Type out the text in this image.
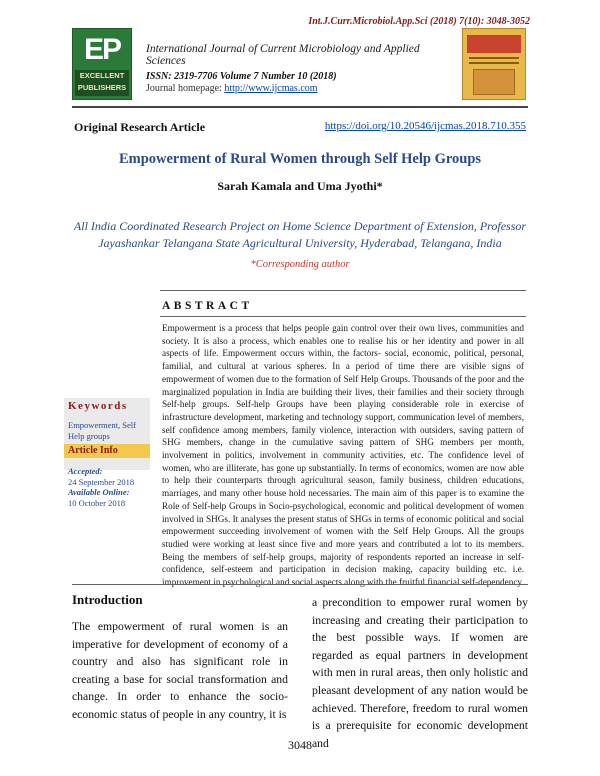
Int.J.Curr.Microbiol.App.Sci (2018) 7(10): 3048-3052
EP
EXCELLENT PUBLISHERS
International Journal of Current Microbiology and Applied Sciences
ISSN: 2319-7706 Volume 7 Number 10 (2018)
Journal homepage: http://www.ijcmas.com
Original Research Article	https://doi.org/10.20546/ijcmas.2018.710.355
Empowerment of Rural Women through Self Help Groups
Sarah Kamala and Uma Jyothi*
All India Coordinated Research Project on Home Science Department of Extension, Professor Jayashankar Telangana State Agricultural University, Hyderabad, Telangana, India
*Corresponding author
ABSTRACT
Empowerment is a process that helps people gain control over their own lives, communities and society. It is also a process, which enables one to realise his or her identity and power in all aspects of life. Empowerment occurs within, the factors- social, economic, political, personal, familial, and cultural at various spheres. In a period of time there are visible signs of empowerment of women due to the formation of Self Help Groups. Thousands of the poor and the marginalized population in India are building their lives, their families and their society through Self-help groups. Self-help Groups have been playing considerable role in exercise of infrastructure development, marketing and technology support, communication level of members, self confidence among members, family violence, interaction with outsiders, saving pattern of SHG members, change in the cumulative saving pattern of SHG members per month, involvement in politics, involvement in community activities, etc. The confidence level of women, who are illiterate, has gone up substantially. In terms of economics, women are now able to help their counterparts through agricultural season, family business, children educations, marriages, and many other house hold necessaries. The main aim of this paper is to examine the Role of Self-help Groups in Socio-psychological, economic and political development of women involved in SHGs. It analyses the present status of SHGs in terms of economic political and social empowerment succeeding involvement of women with the Self Help Groups. All the groups studied were working at least since five and more years and contributed a lot to its members. Being the members of self-help groups, majority of respondents reported an increase in self-confidence, self-esteem and participation in decision making, capacity building etc. i.e. improvement in psychological and social aspects along with the fruitful financial self-dependency.
Keywords
Empowerment, Self Help groups
Article Info
Accepted:
24 September 2018
Available Online:
10 October 2018
Introduction
The empowerment of rural women is an imperative for development of economy of a country and also has significant role in creating a base for social transformation and change. In order to enhance the socio-economic status of people in any country, it is
a precondition to empower rural women by increasing and creating their participation to the best possible ways. If women are regarded as equal partners in development with men in rural areas, then only holistic and pleasant development of any nation would be achieved. Therefore, freedom to rural women is a prerequisite for economic development and
3048
